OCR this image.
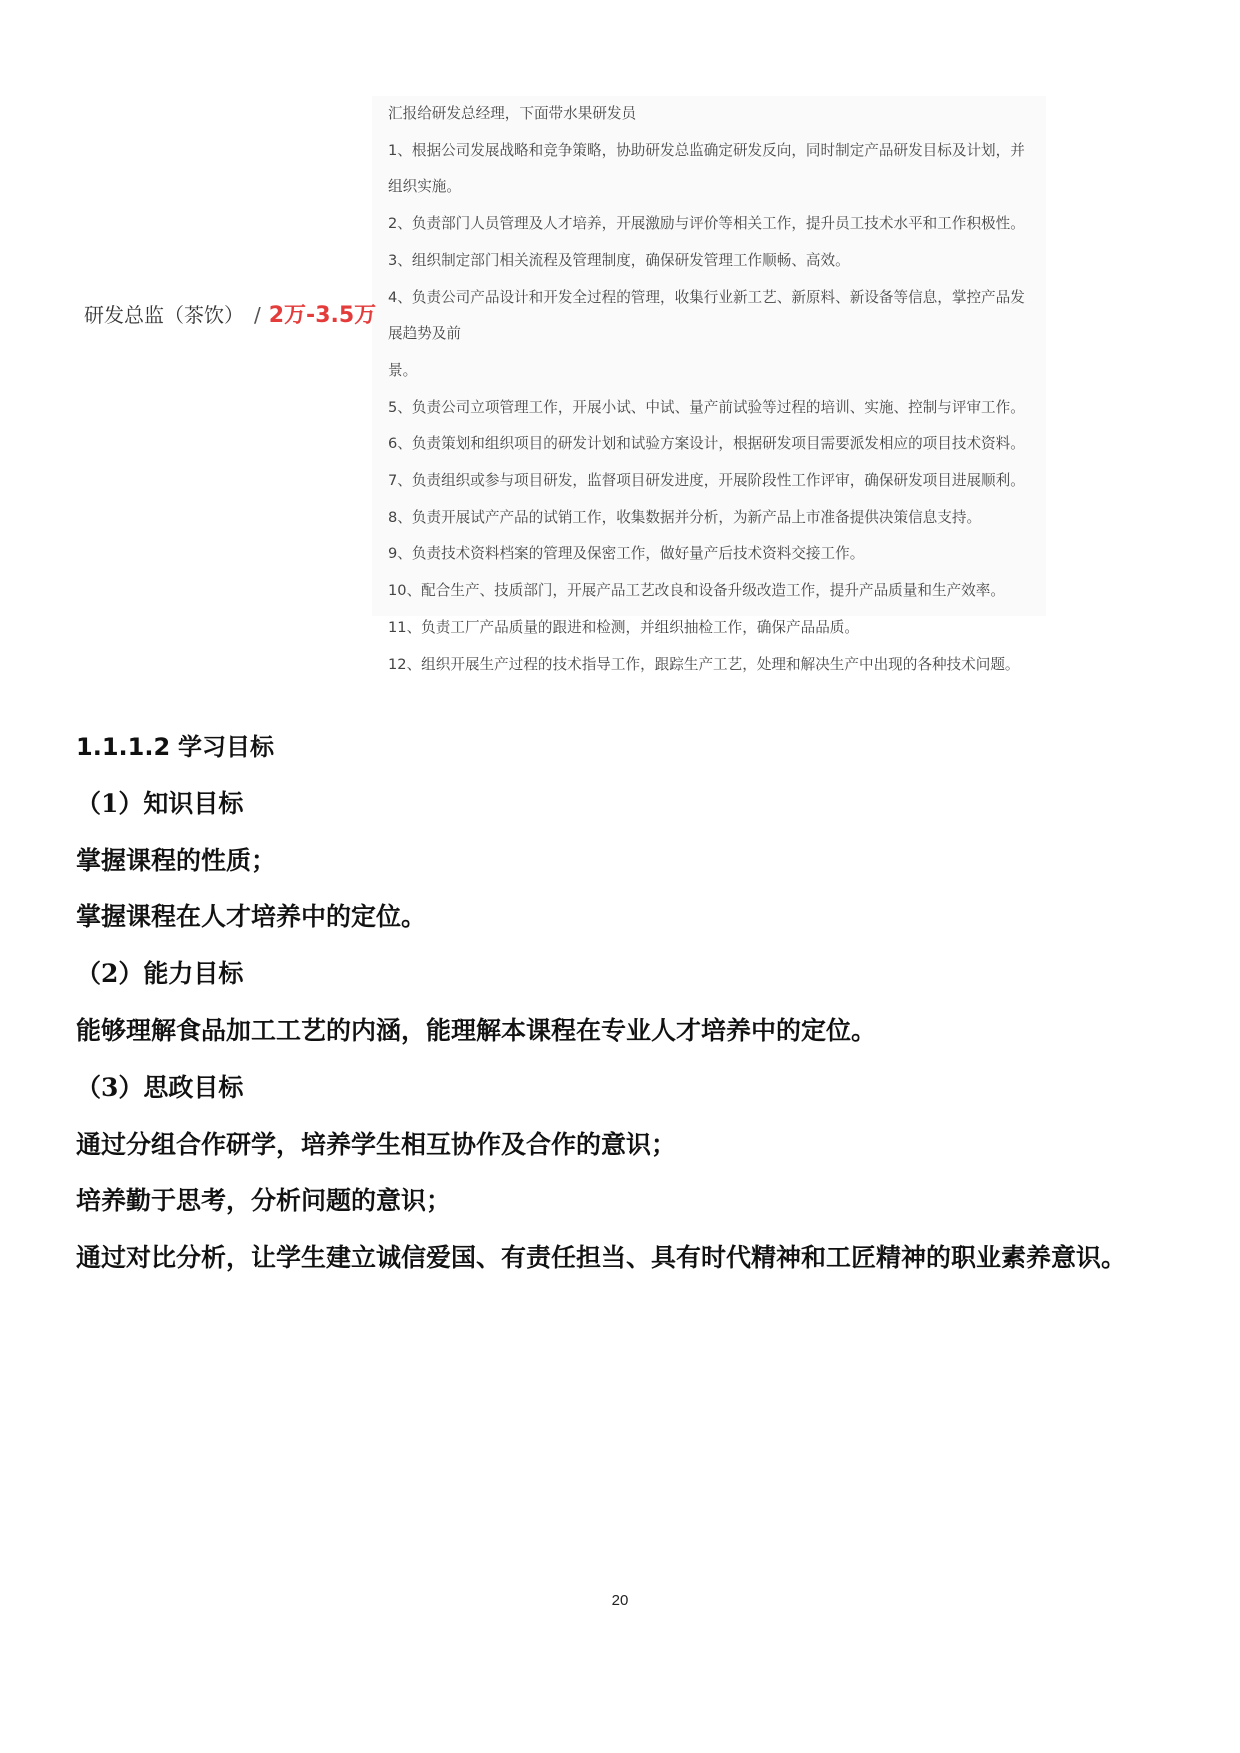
研发总监（茶饮） / 2万-3.5万
汇报给研发总经理，下面带水果研发员
1、根据公司发展战略和竞争策略，协助研发总监确定研发反向，同时制定产品研发目标及计划，并组织实施。
2、负责部门人员管理及人才培养，开展激励与评价等相关工作，提升员工技术水平和工作积极性。
3、组织制定部门相关流程及管理制度，确保研发管理工作顺畅、高效。
4、负责公司产品设计和开发全过程的管理，收集行业新工艺、新原料、新设备等信息，掌控产品发展趋势及前
景。
5、负责公司立项管理工作，开展小试、中试、量产前试验等过程的培训、实施、控制与评审工作。
6、负责策划和组织项目的研发计划和试验方案设计，根据研发项目需要派发相应的项目技术资料。
7、负责组织或参与项目研发，监督项目研发进度，开展阶段性工作评审，确保研发项目进展顺利。
8、负责开展试产产品的试销工作，收集数据并分析，为新产品上市准备提供决策信息支持。
9、负责技术资料档案的管理及保密工作，做好量产后技术资料交接工作。
10、配合生产、技质部门，开展产品工艺改良和设备升级改造工作，提升产品质量和生产效率。
11、负责工厂产品质量的跟进和检测，并组织抽检工作，确保产品品质。
12、组织开展生产过程的技术指导工作，跟踪生产工艺，处理和解决生产中出现的各种技术问题。

1.1.1.2 学习目标

（1）知识目标

掌握课程的性质；

掌握课程在人才培养中的定位。

（2）能力目标

能够理解食品加工工艺的内涵，能理解本课程在专业人才培养中的定位。

（3）思政目标

通过分组合作研学，培养学生相互协作及合作的意识；

培养勤于思考，分析问题的意识；

通过对比分析，让学生建立诚信爱国、有责任担当、具有时代精神和工匠精神的职业素养意识。

20
